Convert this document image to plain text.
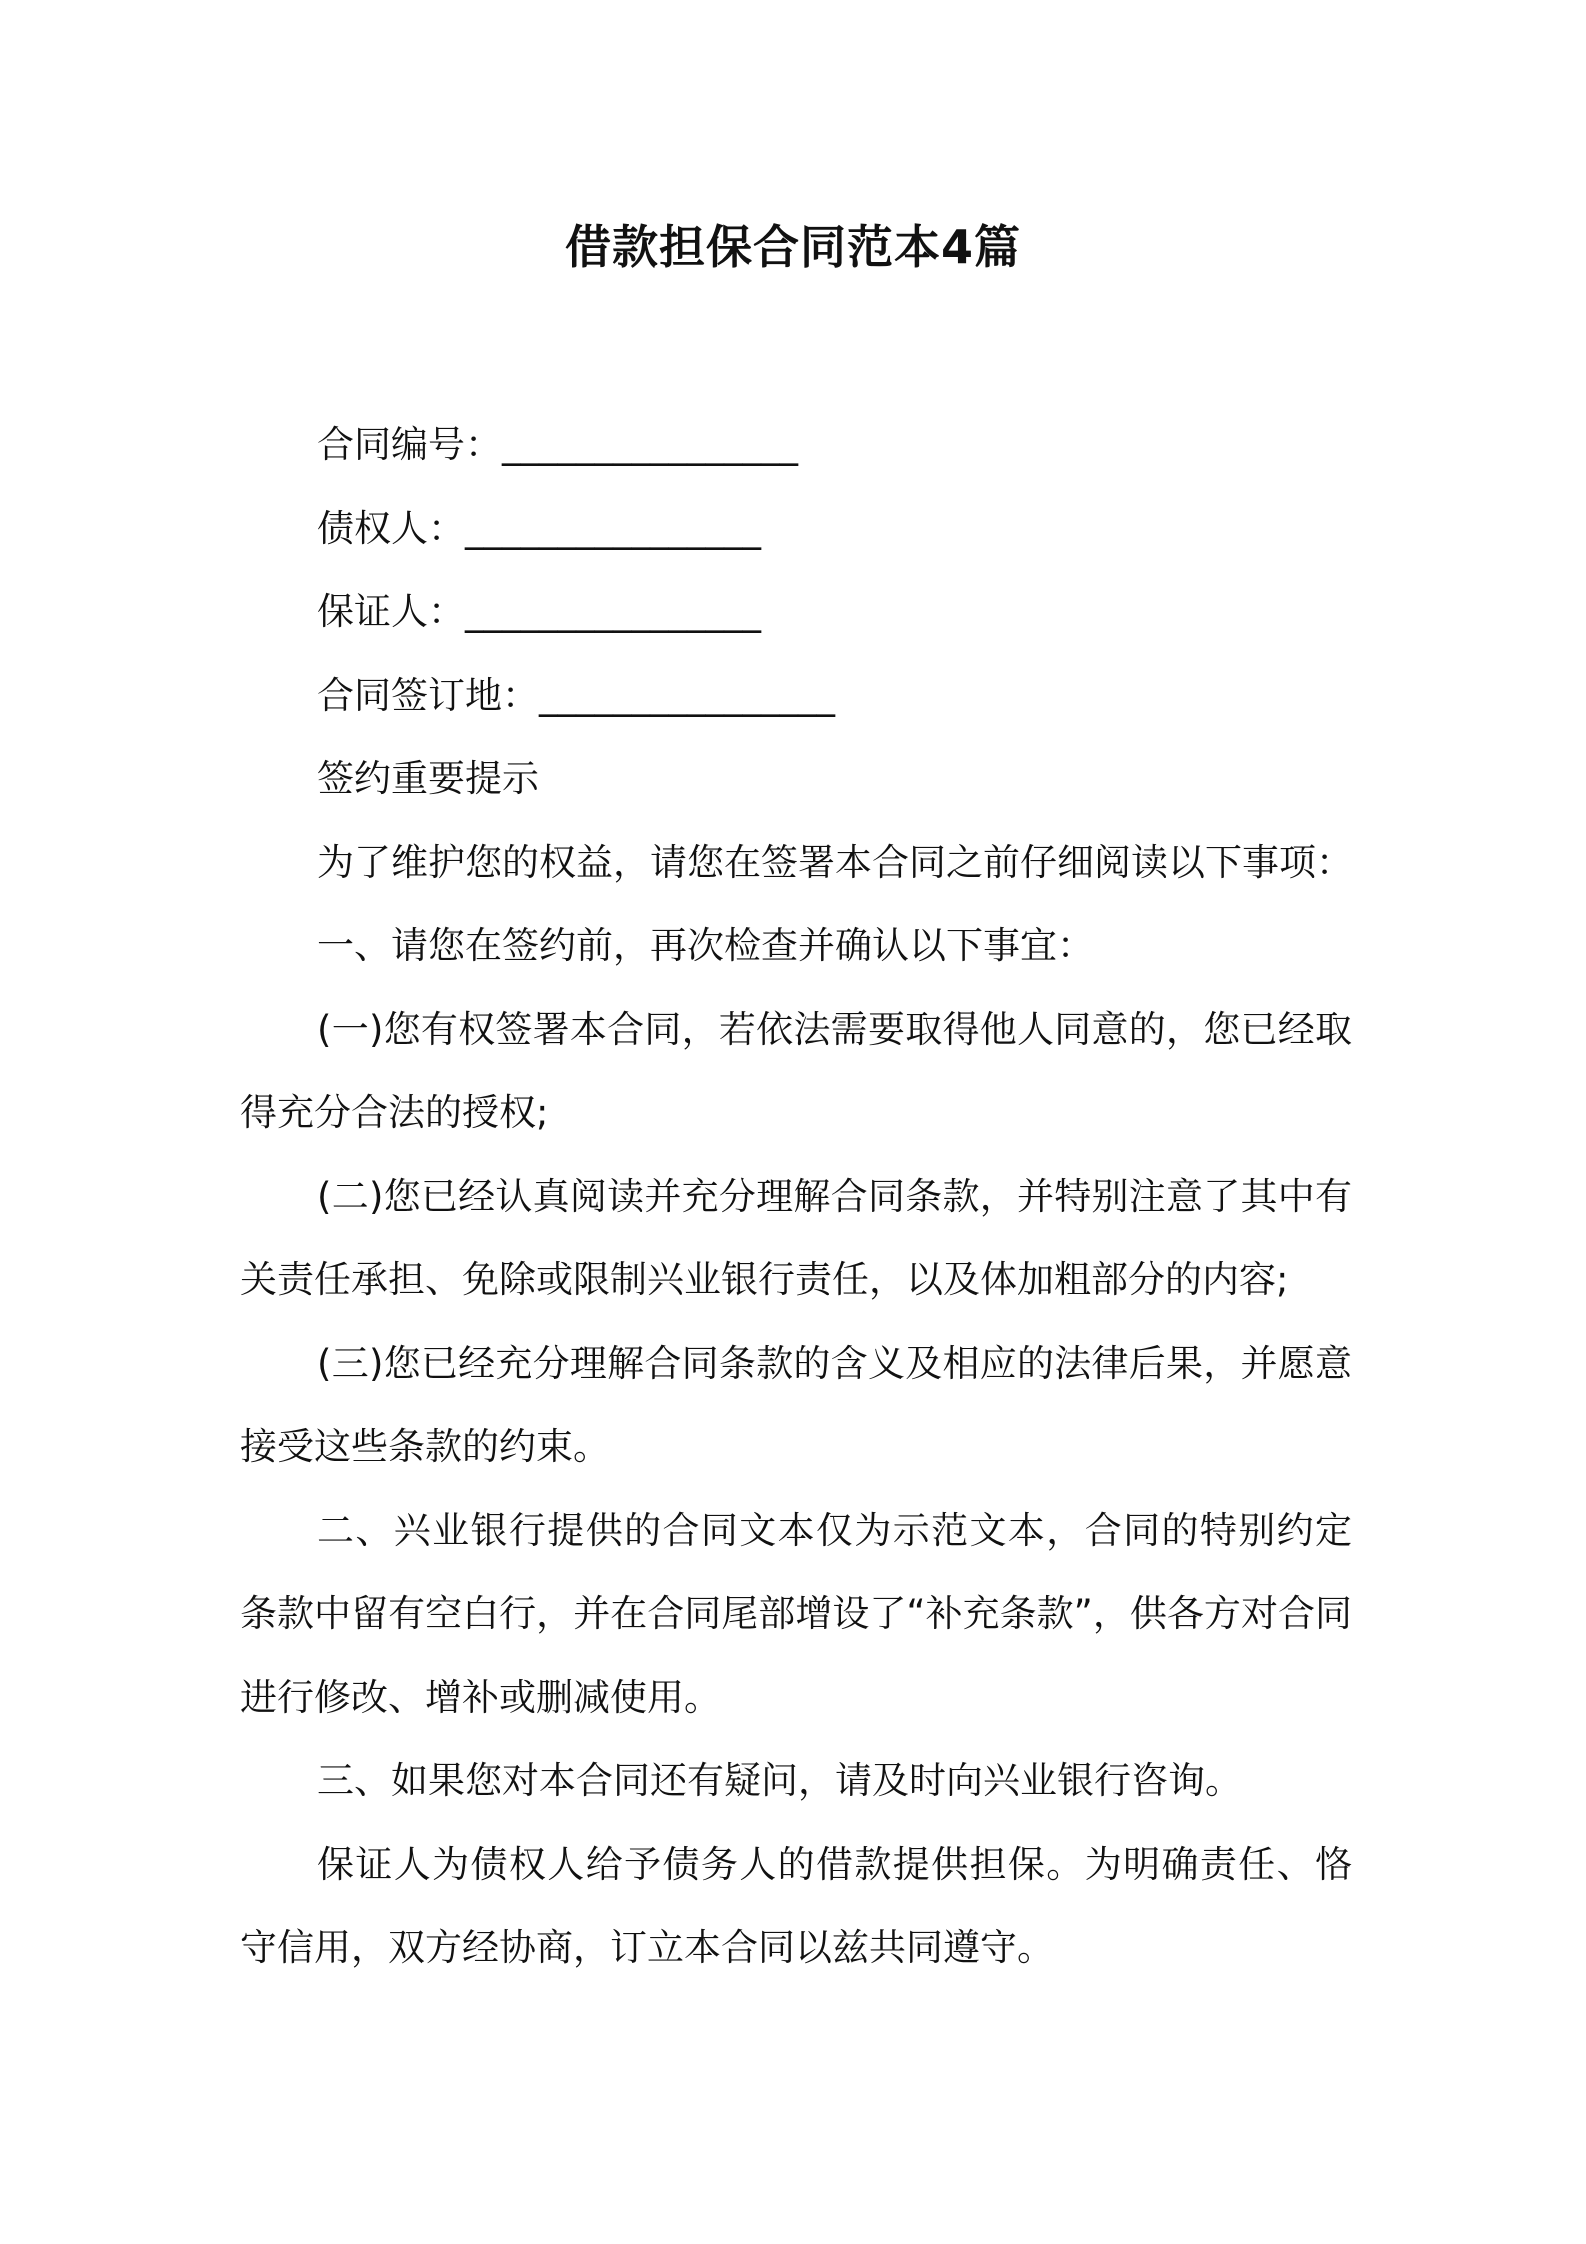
借款担保合同范本4篇

合同编号：________________

债权人：________________

保证人：________________

合同签订地：________________

签约重要提示

为了维护您的权益，请您在签署本合同之前仔细阅读以下事项：

一、请您在签约前，再次检查并确认以下事宜：

(一)您有权签署本合同，若依法需要取得他人同意的，您已经取得充分合法的授权;

(二)您已经认真阅读并充分理解合同条款，并特别注意了其中有关责任承担、免除或限制兴业银行责任，以及体加粗部分的内容;

(三)您已经充分理解合同条款的含义及相应的法律后果，并愿意接受这些条款的约束。

二、兴业银行提供的合同文本仅为示范文本，合同的特别约定条款中留有空白行，并在合同尾部增设了“补充条款”，供各方对合同进行修改、增补或删减使用。

三、如果您对本合同还有疑问，请及时向兴业银行咨询。

保证人为债权人给予债务人的借款提供担保。为明确责任、恪守信用，双方经协商，订立本合同以兹共同遵守。
